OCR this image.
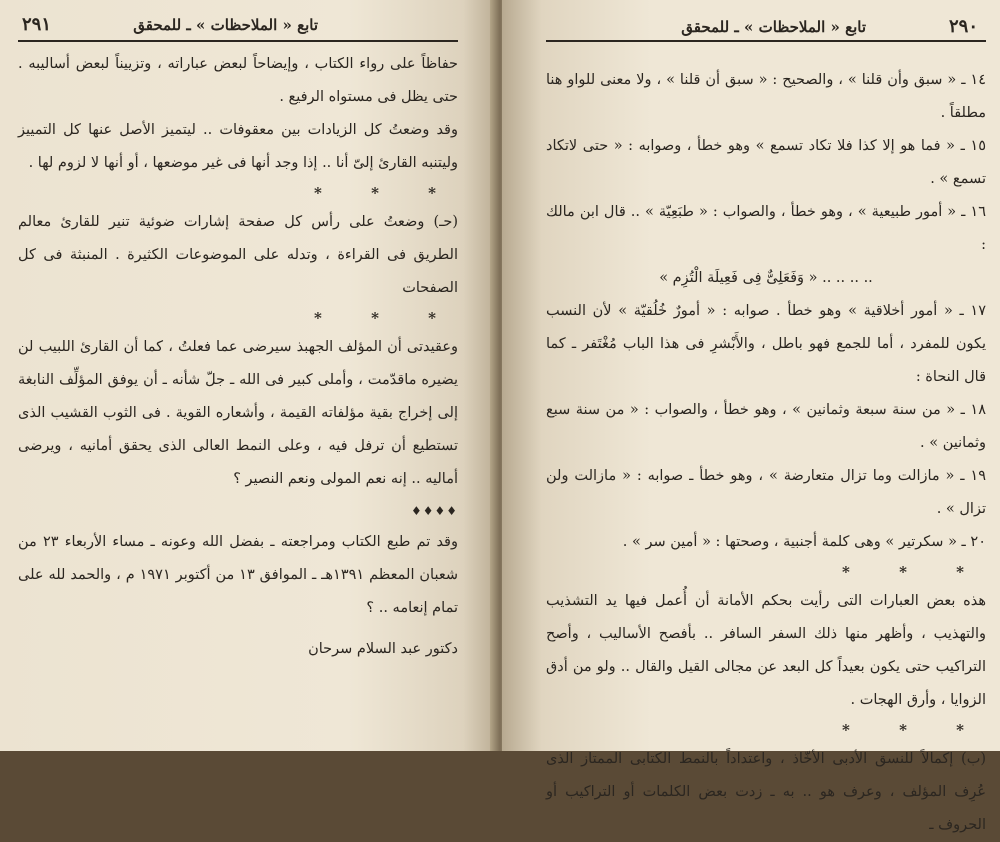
٢٩١	تابع « الملاحظات » ـ للمحقق

حفاظاً على رواء الكتاب ، وإيضاحاً لبعض عباراته ، وتزييناً لبعض أساليبه . حتى يظل فى مستواه الرفيع .

وقد وضعتُ كل الزيادات بين معقوفات .. ليتميز الأصل عنها كل التمييز وليتنبه القارئ إلىّ أنا .. إذا وجد أنها فى غير موضعها ، أو أنها لا لزوم لها .

* * *

(حـ) وضعتُ على رأس كل صفحة إشارات ضوئية تنير للقارئ معالم الطريق فى القراءة ، وتدله على الموضوعات الكثيرة . المنبثة فى كل الصفحات

* * *

وعقيدتى أن المؤلف الجهبذ سيرضى عما فعلتُ ، كما أن القارئ اللبيب لن يضيره ماقدّمت ، وأملى كبير فى الله ـ جلّ شأنه ـ أن يوفق المؤلِّف النابغة إلى إخراج بقية مؤلفاته القيمة ، وأشعاره القوية . فى الثوب القشيب الذى تستطيع أن ترفل فيه ، وعلى النمط العالى الذى يحقق أمانيه ، ويرضى أماليه .. إنه نعم المولى ونعم النصير ؟

♦♦♦♦

وقد تم طبع الكتاب ومراجعته ـ بفضل الله وعونه ـ مساء الأربعاء ٢٣ من شعبان المعظم ١٣٩١هـ ـ الموافق ١٣ من أكتوبر ١٩٧١ م ، والحمد لله على تمام إنعامه .. ؟

دكتور عبد السلام سرحان
٢٩٠
تابع « الملاحظات » ـ للمحقق

١٤ ـ « سبق وأن قلنا » ، والصحيح : « سبق أن قلنا » ، ولا معنى للواو هنا مطلقاً .

١٥ ـ « فما هو إلا كذا فلا تكاد تسمع » وهو خطأ ، وصوابه : « حتى لاتكاد تسمع » .

١٦ ـ « أمور طبيعية » ، وهو خطأ ، والصواب : « طبَعِيّة » .. قال ابن مالك :

.. .. .. .. « وَفَعَلِىٌّ فِى فَعِيلَة الْتُزِم »

١٧ ـ « أمور أخلاقية » وهو خطأ . صوابه : « أمورٌ خُلُقيّة » لأن النسب يكون للمفرد ، أما للجمع فهو باطل ، والأَبْشرِ فى هذا الباب مُغْتَفر ـ كما قال النحاة :

١٨ ـ « من سنة سبعة وثمانين » ، وهو خطأ ، والصواب : « من سنة سبع وثمانين » .

١٩ ـ « مازالت وما تزال متعارضة » ، وهو خطأ ـ صوابه : « مازالت ولن تزال » .

٢٠ ـ « سكرتير » وهى كلمة أجنبية ، وصحتها : « أمين سر » .

* * *

هذه بعض العبارات التى رأيت بحكم الأمانة أن أُعمل فيها يد التشذيب والتهذيب ، وأظهر منها ذلك السفر السافر .. بأفصح الأساليب ، وأصح التراكيب حتى يكون بعيداً كل البعد عن مجالى القيل والقال .. ولو من أدق الزوايا ، وأرق الهجات .

* * *

(ب) إكمالاً للنسق الأدبى الأخّاذ ، واعتداداً بالنمط الكتابى الممتاز الذى عُرِف المؤلف ، وعرف هو .. به ـ زدت بعض الكلمات أو التراكيب أو الحروف ـ
